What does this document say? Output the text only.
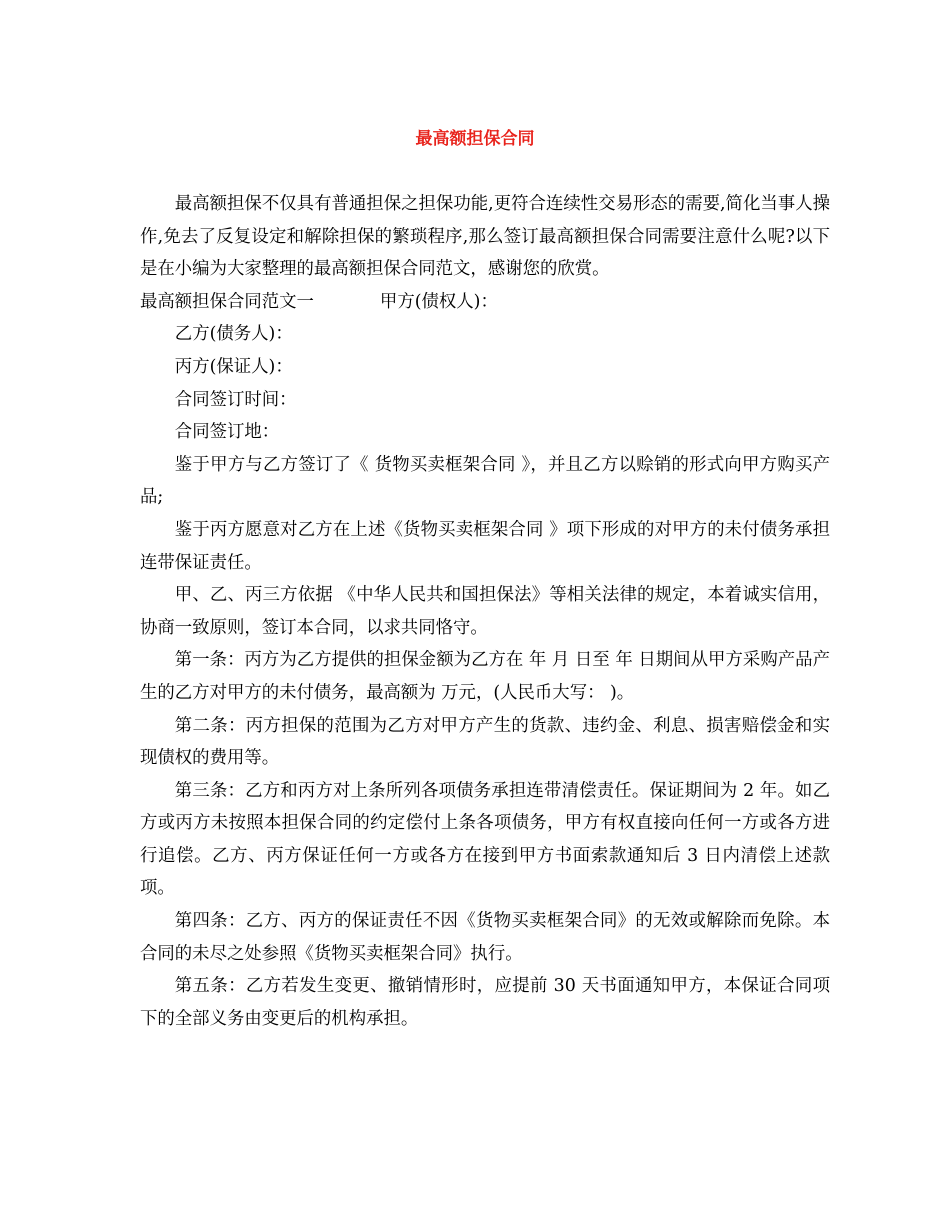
最高额担保合同

最高额担保不仅具有普通担保之担保功能,更符合连续性交易形态的需要,简化当事人操作,免去了反复设定和解除担保的繁琐程序,那么签订最高额担保合同需要注意什么呢?以下是在小编为大家整理的最高额担保合同范文，感谢您的欣赏。

最高额担保合同范文一	甲方(债权人)：

乙方(债务人)：

丙方(保证人)：

合同签订时间：

合同签订地：

鉴于甲方与乙方签订了《 货物买卖框架合同 》，并且乙方以赊销的形式向甲方购买产品;

鉴于丙方愿意对乙方在上述《货物买卖框架合同 》项下形成的对甲方的未付债务承担连带保证责任。

甲、乙、丙三方依据 《中华人民共和国担保法》等相关法律的规定，本着诚实信用，协商一致原则，签订本合同，以求共同恪守。

第一条：丙方为乙方提供的担保金额为乙方在 年 月 日至 年 日期间从甲方采购产品产生的乙方对甲方的未付债务，最高额为 万元，(人民币大写： )。

第二条：丙方担保的范围为乙方对甲方产生的货款、违约金、利息、损害赔偿金和实现债权的费用等。

第三条：乙方和丙方对上条所列各项债务承担连带清偿责任。保证期间为 2 年。如乙方或丙方未按照本担保合同的约定偿付上条各项债务，甲方有权直接向任何一方或各方进行追偿。乙方、丙方保证任何一方或各方在接到甲方书面索款通知后 3 日内清偿上述款项。

第四条：乙方、丙方的保证责任不因《货物买卖框架合同》的无效或解除而免除。本合同的未尽之处参照《货物买卖框架合同》执行。

第五条：乙方若发生变更、撤销情形时，应提前 30 天书面通知甲方，本保证合同项下的全部义务由变更后的机构承担。
